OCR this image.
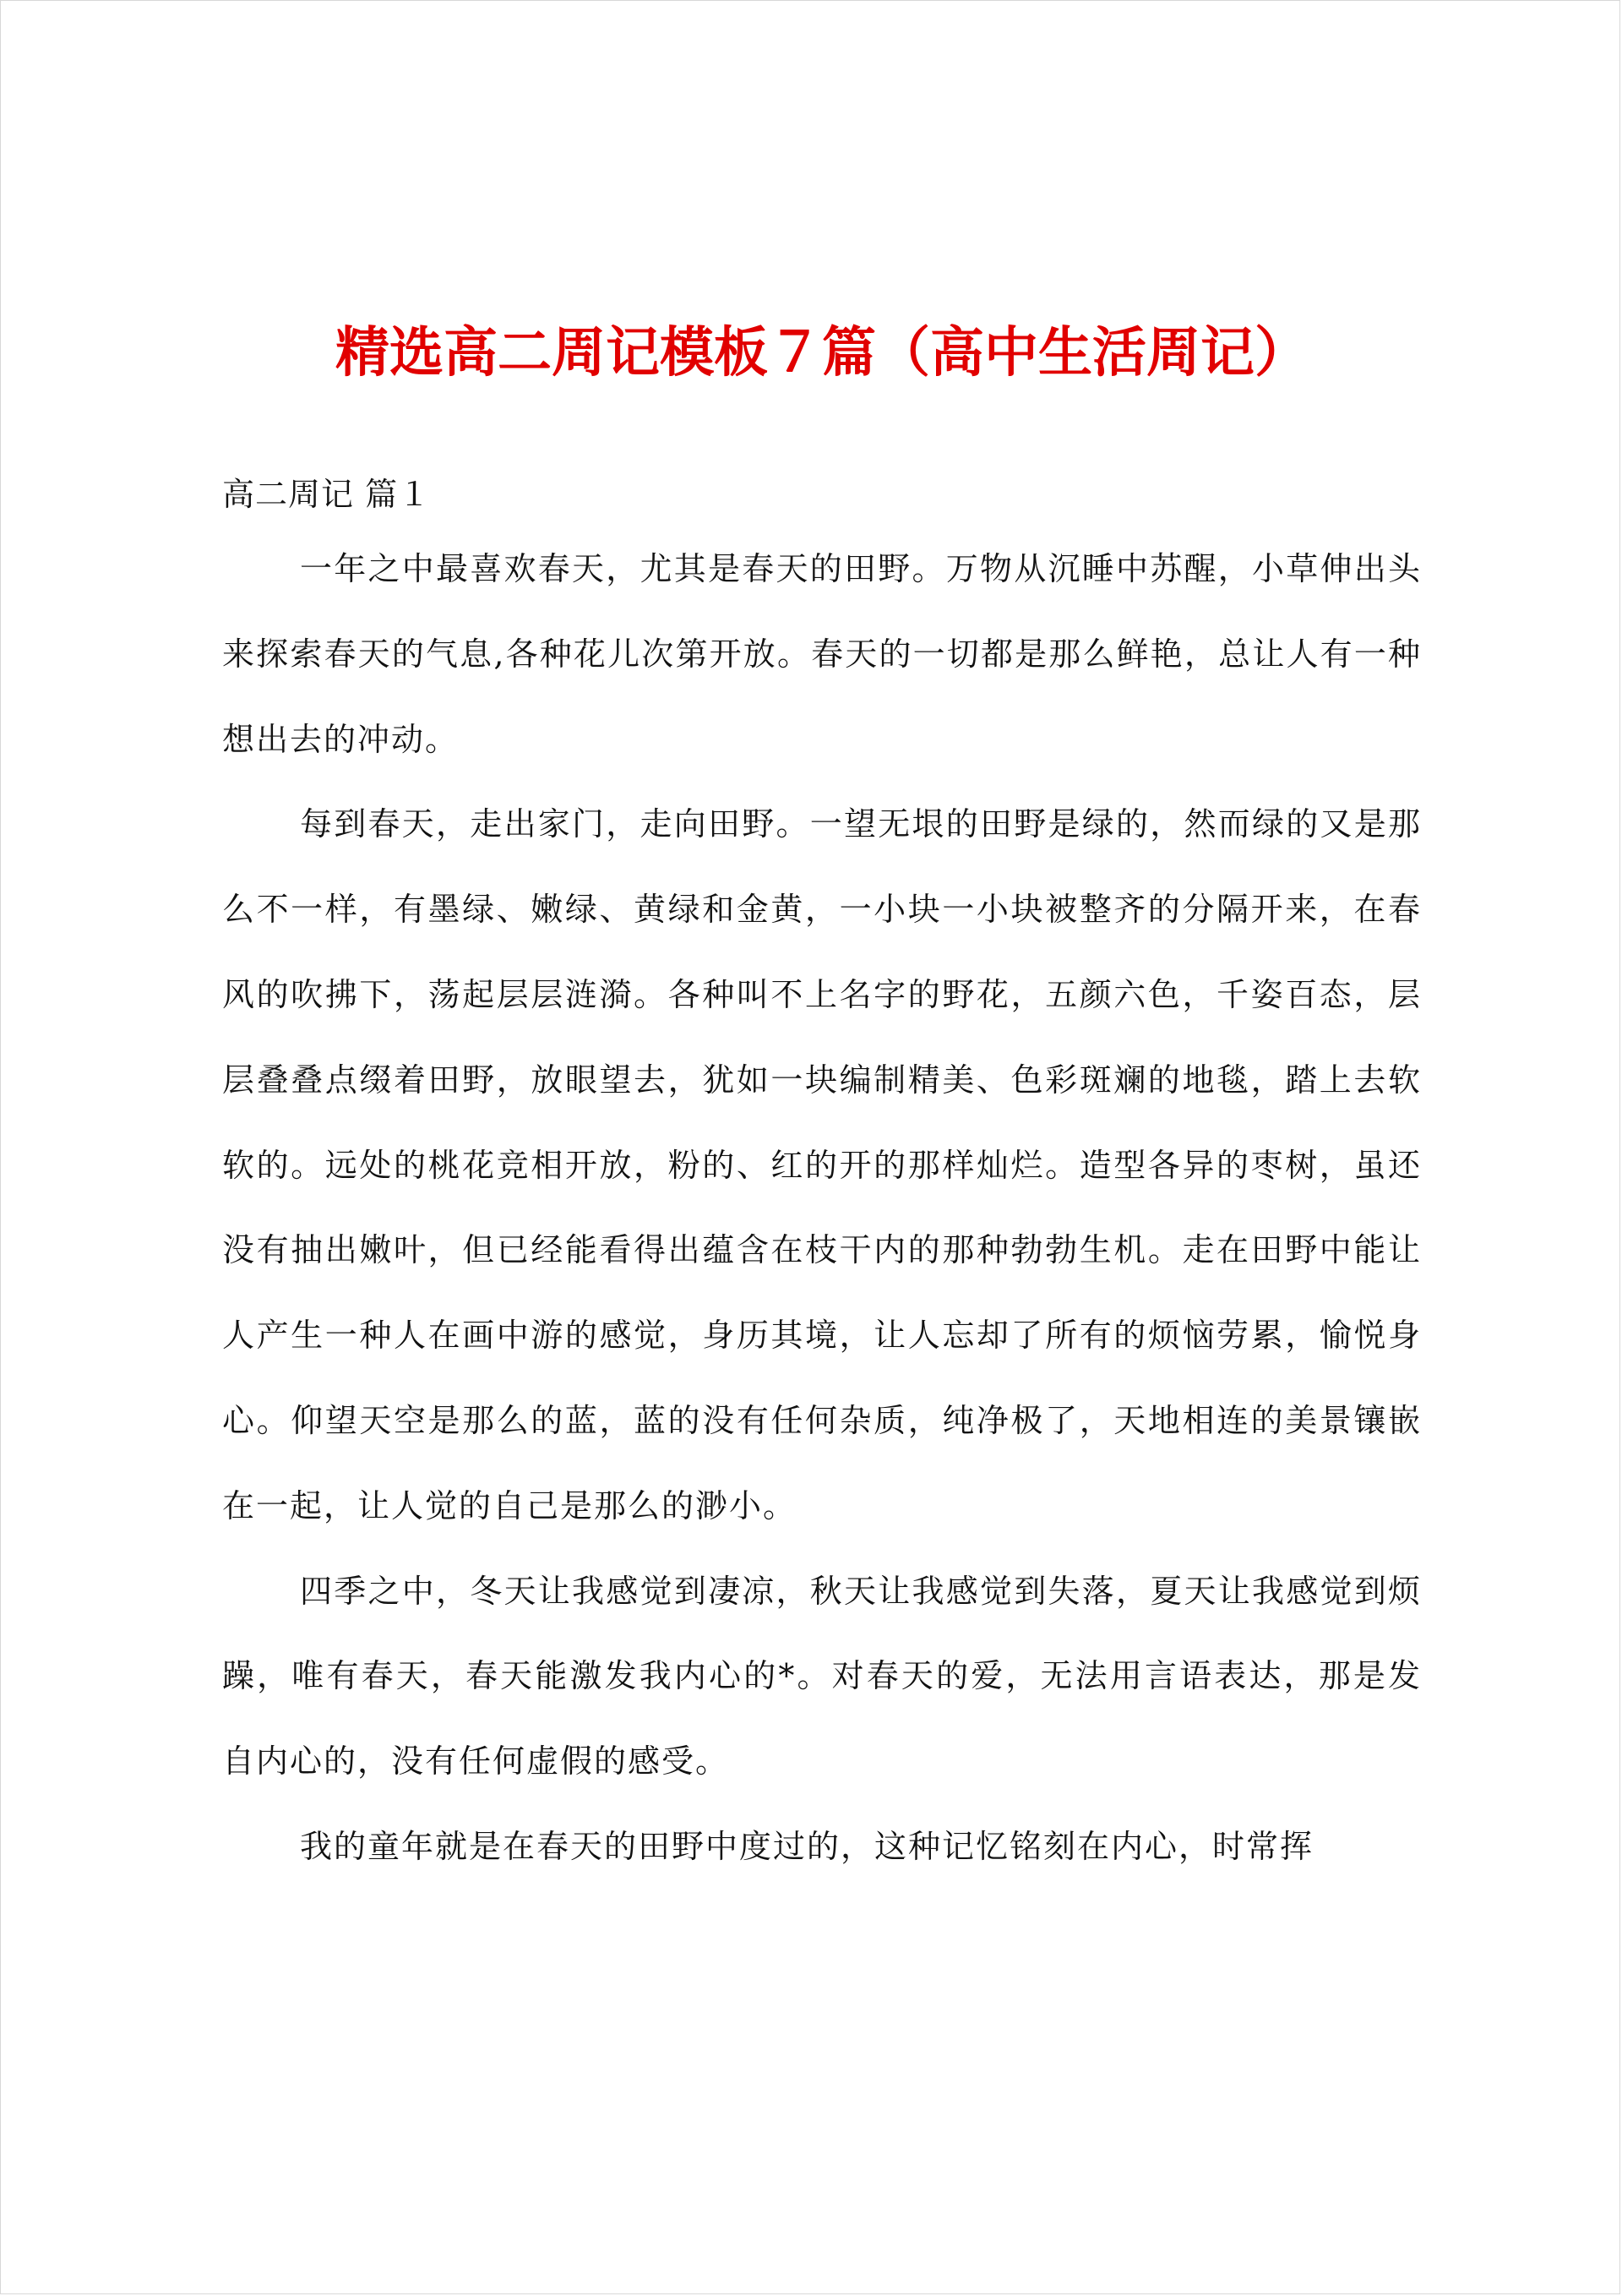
精选高二周记模板７篇（高中生活周记）
高二周记 篇１

一年之中最喜欢春天，尤其是春天的田野。万物从沉睡中苏醒，小草伸出头来探索春天的气息,各种花儿次第开放。春天的一切都是那么鲜艳，总让人有一种想出去的冲动。

每到春天，走出家门，走向田野。一望无垠的田野是绿的，然而绿的又是那么不一样，有墨绿、嫩绿、黄绿和金黄，一小块一小块被整齐的分隔开来，在春风的吹拂下，荡起层层涟漪。各种叫不上名字的野花，五颜六色，千姿百态，层层叠叠点缀着田野，放眼望去，犹如一块编制精美、色彩斑斓的地毯，踏上去软软的。远处的桃花竞相开放，粉的、红的开的那样灿烂。造型各异的枣树，虽还没有抽出嫩叶，但已经能看得出蕴含在枝干内的那种勃勃生机。走在田野中能让人产生一种人在画中游的感觉，身历其境，让人忘却了所有的烦恼劳累，愉悦身心。仰望天空是那么的蓝，蓝的没有任何杂质，纯净极了，天地相连的美景镶嵌在一起，让人觉的自己是那么的渺小。

四季之中，冬天让我感觉到凄凉，秋天让我感觉到失落，夏天让我感觉到烦躁，唯有春天，春天能激发我内心的*。对春天的爱，无法用言语表达，那是发自内心的，没有任何虚假的感受。

我的童年就是在春天的田野中度过的，这种记忆铭刻在内心，时常挥
